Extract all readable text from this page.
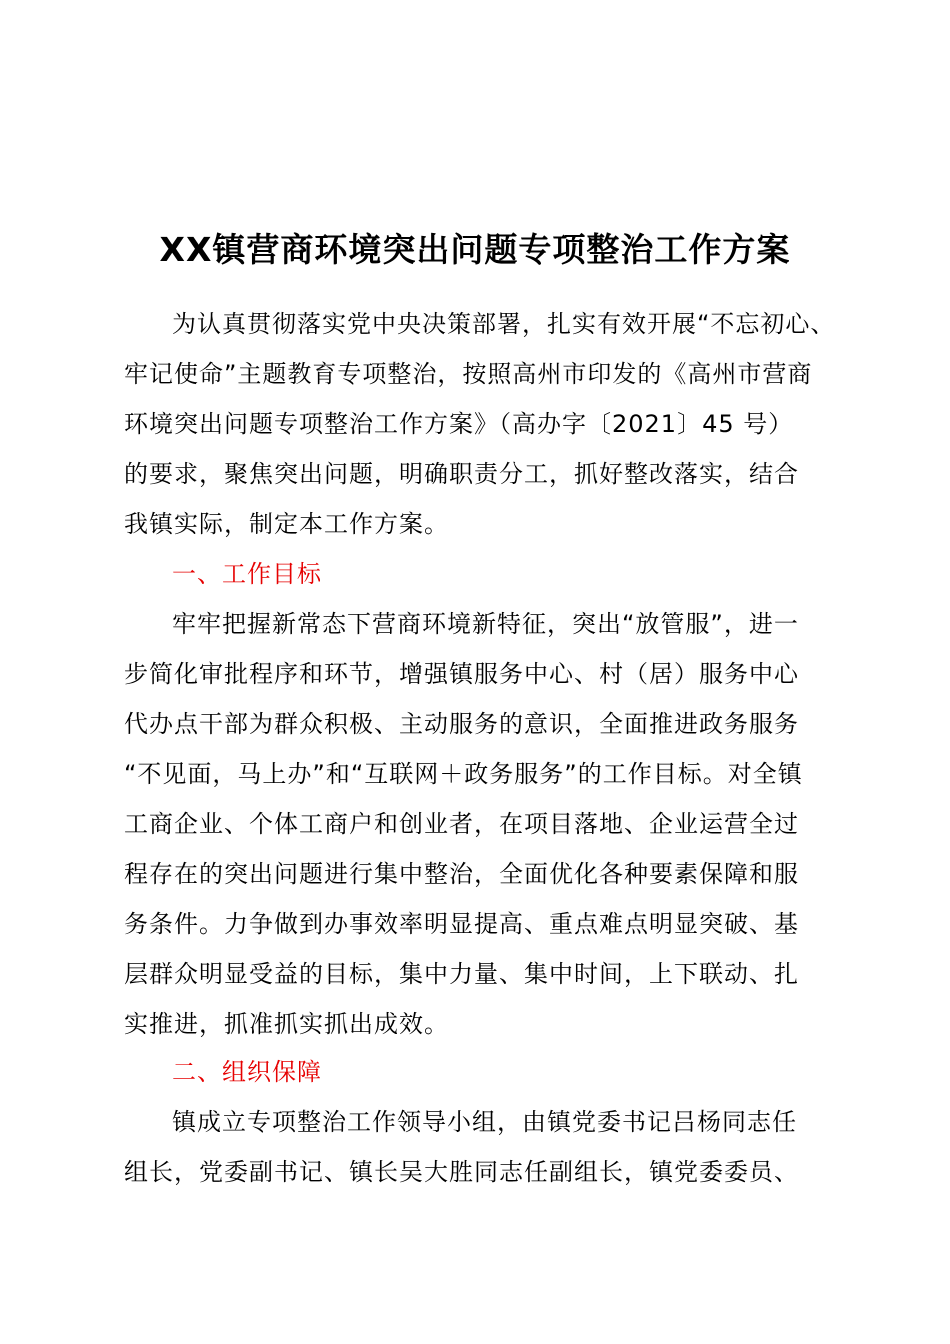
XX镇营商环境突出问题专项整治工作方案
为认真贯彻落实党中央决策部署，扎实有效开展“不忘初心、
牢记使命”主题教育专项整治，按照高州市印发的《高州市营商
环境突出问题专项整治工作方案》（高办字〔2021〕45 号）
的要求，聚焦突出问题，明确职责分工，抓好整改落实，结合
我镇实际，制定本工作方案。
一、工作目标
牢牢把握新常态下营商环境新特征，突出“放管服”，进一
步简化审批程序和环节，增强镇服务中心、村（居）服务中心
代办点干部为群众积极、主动服务的意识，全面推进政务服务
“不见面，马上办”和“互联网＋政务服务”的工作目标。对全镇
工商企业、个体工商户和创业者，在项目落地、企业运营全过
程存在的突出问题进行集中整治，全面优化各种要素保障和服
务条件。力争做到办事效率明显提高、重点难点明显突破、基
层群众明显受益的目标，集中力量、集中时间，上下联动、扎
实推进，抓准抓实抓出成效。
二、组织保障
镇成立专项整治工作领导小组，由镇党委书记吕杨同志任
组长，党委副书记、镇长吴大胜同志任副组长，镇党委委员、
